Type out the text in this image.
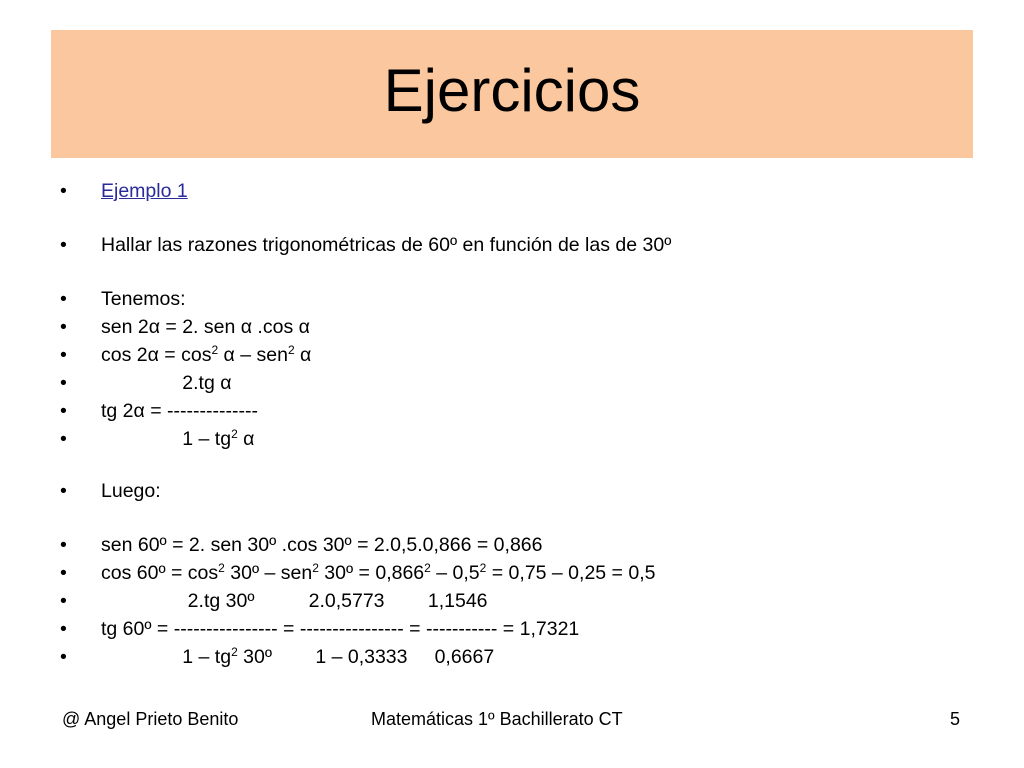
Ejercicios

•

	Ejemplo 1

•

	Hallar las razones trigonométricas de 60º en función de las de 30º

•

	Tenemos:

•

	sen 2α = 2. sen α .cos α

•

	$\cos 2\alpha = \cos^2 \alpha - sen^2$ α

•

	2.tg α

•

	tg 2α = --------------

•

	$1 - tg^2$ α

•

	Luego:

•

	sen 60º = 2. sen 30º .cos 30º = 2.0,5.0,866 = 0,866

•

	cos 60º = $\cos^2$ 30º – sen$^2$ 30º = $0,866^2 - 0,5^2 = 0,75 - 0,25 = 0,5$

•

	2.tg 30º          2.0,5773        1,1546

•

	tg 60º = ---------------- = ---------------- = ----------- = 1,7321

•

	$1 - tg^2$ 30º        1 – 0,3333     0,6667

@ Angel Prieto Benito	Matemáticas 1º Bachillerato CT	5
